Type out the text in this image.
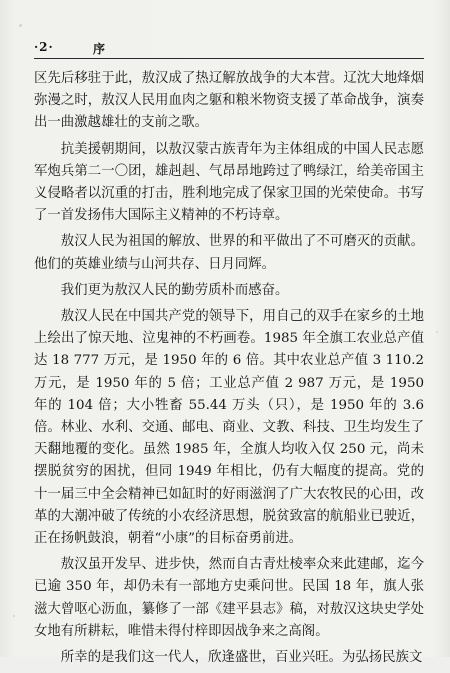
·2·	序

区先后移驻于此，敖汉成了热辽解放战争的大本营。辽沈大地烽烟弥漫之时，敖汉人民用血肉之躯和粮米物资支援了革命战争，演奏出一曲激越雄壮的支前之歌。

抗美援朝期间，以敖汉蒙古族青年为主体组成的中国人民志愿军炮兵第二一〇团，雄赳赳、气昂昂地跨过了鸭绿江，给美帝国主义侵略者以沉重的打击，胜利地完成了保家卫国的光荣使命。书写了一首发扬伟大国际主义精神的不朽诗章。

敖汉人民为祖国的解放、世界的和平做出了不可磨灭的贡献。他们的英雄业绩与山河共存、日月同辉。

我们更为敖汉人民的勤劳质朴而感奋。

敖汉人民在中国共产党的领导下，用自己的双手在家乡的土地上绘出了惊天地、泣鬼神的不朽画卷。1985 年全旗工农业总产值达 18 777 万元，是 1950 年的 6 倍。其中农业总产值 3 110.2 万元，是 1950 年的 5 倍；工业总产值 2 987 万元，是 1950 年的 104 倍；大小牲畜 55.44 万头（只），是 1950 年的 3.6 倍。林业、水利、交通、邮电、商业、文教、科技、卫生均发生了天翻地覆的变化。虽然 1985 年，全旗人均收入仅 250 元，尚未摆脱贫穷的困扰，但同 1949 年相比，仍有大幅度的提高。党的十一届三中全会精神已如缸时的好雨滋润了广大农牧民的心田，改革的大潮冲破了传统的小农经济思想，脱贫致富的航船业已驶近，正在扬帆鼓浪，朝着“小康”的目标奋勇前进。

敖汉虽开发早、进步快，然而自古青灶棱率众来此建邮，迄今已逾 350 年，却仍未有一部地方史乘问世。民国 18 年，旗人张滋大曾呕心沥血，纂修了一部《建平县志》稿，对敖汉这块史学处女地有所耕耘，唯惜未得付梓即因战争来之高阁。

所幸的是我们这一代人，欣逢盛世，百业兴旺。为弘扬民族文
